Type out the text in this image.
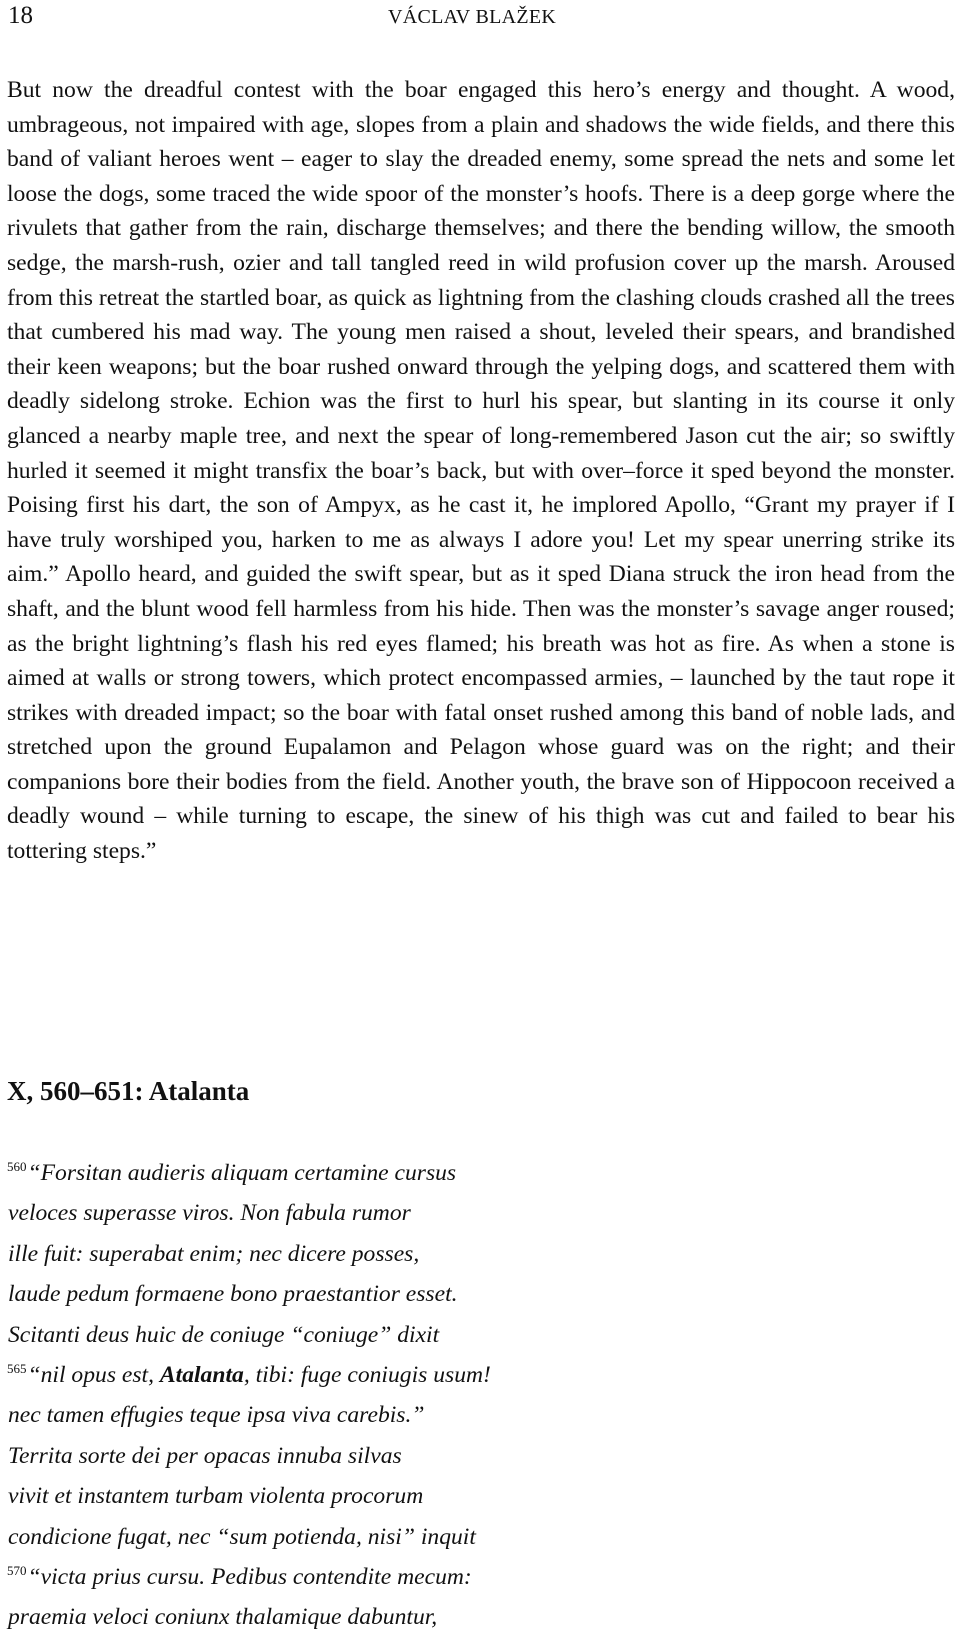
18	VÁCLAV BLAŽEK

But now the dreadful contest with the boar engaged this hero’s energy and thought. A wood, umbrageous, not impaired with age, slopes from a plain and shadows the wide fields, and there this band of valiant heroes went – eager to slay the dreaded enemy, some spread the nets and some let loose the dogs, some traced the wide spoor of the monster’s hoofs. There is a deep gorge where the rivulets that gather from the rain, discharge themselves; and there the bending willow, the smooth sedge, the marsh-rush, ozier and tall tangled reed in wild profusion cover up the marsh. Aroused from this retreat the startled boar, as quick as lightning from the clashing clouds crashed all the trees that cumbered his mad way. The young men raised a shout, leveled their spears, and brandished their keen weapons; but the boar rushed onward through the yelping dogs, and scattered them with deadly sidelong stroke. Echion was the first to hurl his spear, but slanting in its course it only glanced a nearby maple tree, and next the spear of long-remembered Jason cut the air; so swiftly hurled it seemed it might transfix the boar’s back, but with over–force it sped beyond the monster. Poising first his dart, the son of Ampyx, as he cast it, he implored Apollo, “Grant my prayer if I have truly worshiped you, harken to me as always I adore you! Let my spear unerring strike its aim.” Apollo heard, and guided the swift spear, but as it sped Diana struck the iron head from the shaft, and the blunt wood fell harmless from his hide. Then was the monster’s savage anger roused; as the bright lightning’s flash his red eyes flamed; his breath was hot as fire. As when a stone is aimed at walls or strong towers, which protect encompassed armies, – launched by the taut rope it strikes with dreaded impact; so the boar with fatal onset rushed among this band of noble lads, and stretched upon the ground Eupalamon and Pelagon whose guard was on the right; and their companions bore their bodies from the field. Another youth, the brave son of Hippocoon received a deadly wound – while turning to escape, the sinew of his thigh was cut and failed to bear his tottering steps.”

X, 560–651: Atalanta
$^{560}$“Forsitan audieris aliquam certamine cursus
veloces superasse viros. Non fabula rumor
ille fuit: superabat enim; nec dicere posses,
laude pedum formaene bono praestantior esset.
Scitanti deus huic de coniuge “coniuge” dixit
$^{565}$“nil opus est, Atalanta, tibi: fuge coniugis usum!
nec tamen effugies teque ipsa viva carebis.”
Territa sorte dei per opacas innuba silvas
vivit et instantem turbam violenta procorum
condicione fugat, nec “sum potienda, nisi” inquit
$^{570}$“victa prius cursu. Pedibus contendite mecum:
praemia veloci coniunx thalamique dabuntur,
